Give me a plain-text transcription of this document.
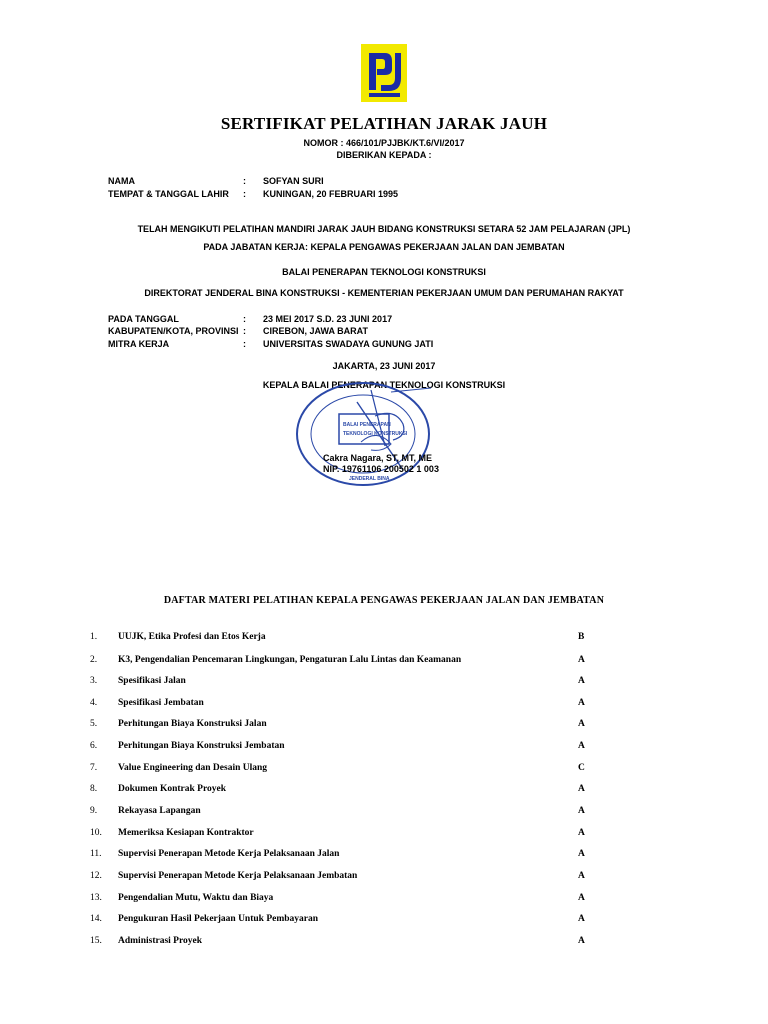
SERTIFIKAT PELATIHAN JARAK JAUH
NOMOR : 466/101/PJJBK/KT.6/VI/2017
DIBERIKAN KEPADA :
NAMA	: SOFYAN SURI
TEMPAT & TANGGAL LAHIR : KUNINGAN, 20 FEBRUARI 1995
TELAH MENGIKUTI PELATIHAN MANDIRI JARAK JAUH BIDANG KONSTRUKSI SETARA 52 JAM PELAJARAN (JPL)
PADA JABATAN KERJA: KEPALA PENGAWAS PEKERJAAN JALAN DAN JEMBATAN
BALAI PENERAPAN TEKNOLOGI KONSTRUKSI
DIREKTORAT JENDERAL BINA KONSTRUKSI - KEMENTERIAN PEKERJAAN UMUM DAN PERUMAHAN RAKYAT
PADA TANGGAL	: 23 MEI 2017 S.D. 23 JUNI 2017
KABUPATEN/KOTA, PROVINSI : CIREBON, JAWA BARAT
MITRA KERJA	: UNIVERSITAS SWADAYA GUNUNG JATI
JAKARTA, 23 JUNI 2017
KEPALA BALAI PENERAPAN TEKNOLOGI KONSTRUKSI
BALAI PENERAPAN
TEKNOLOGI KONSTRUKSI
JENDERAL BINA
Cakra Nagara, ST, MT, ME
NIP. 19761106 200502 1 003
DAFTAR MATERI PELATIHAN KEPALA PENGAWAS PEKERJAAN JALAN DAN JEMBATAN
1. UUJK, Etika Profesi dan Etos Kerja	B
2. K3, Pengendalian Pencemaran Lingkungan, Pengaturan Lalu Lintas dan Keamanan	A
3. Spesifikasi Jalan	A
4. Spesifikasi Jembatan	A
5. Perhitungan Biaya Konstruksi Jalan	A
6. Perhitungan Biaya Konstruksi Jembatan	A
7. Value Engineering dan Desain Ulang	C
8. Dokumen Kontrak Proyek	A
9. Rekayasa Lapangan	A
10. Memeriksa Kesiapan Kontraktor	A
11. Supervisi Penerapan Metode Kerja Pelaksanaan Jalan	A
12. Supervisi Penerapan Metode Kerja Pelaksanaan Jembatan	A
13. Pengendalian Mutu, Waktu dan Biaya	A
14. Pengukuran Hasil Pekerjaan Untuk Pembayaran	A
15. Administrasi Proyek	A
